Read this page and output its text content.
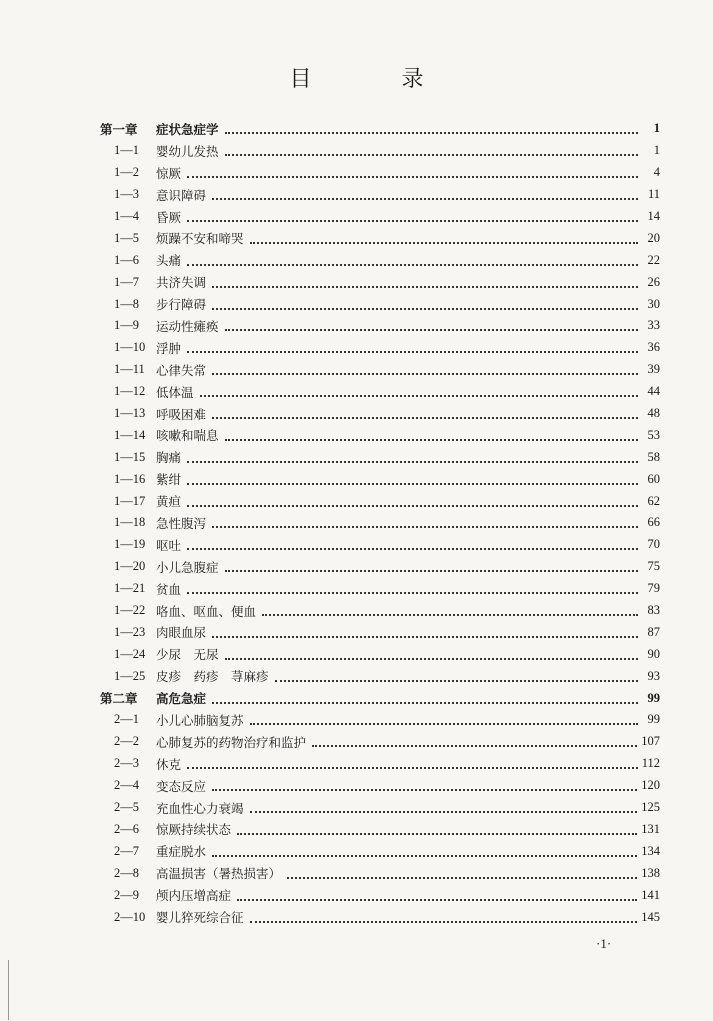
目　录
第一章	症状急症学	1
1—1	婴幼儿发热	1
1—2	惊厥	4
1—3	意识障碍	11
1—4	昏厥	14
1—5	烦躁不安和啼哭	20
1—6	头痛	22
1—7	共济失调	26
1—8	步行障碍	30
1—9	运动性瘫痪	33
1—10 浮肿	36
1—11 心律失常	39
1—12 低体温	44
1—13 呼吸困难	48
1—14 咳嗽和喘息	53
1—15 胸痛	58
1—16 紫绀	60
1—17 黄疸	62
1—18 急性腹泻	66
1—19 呕吐	70
1—20 小儿急腹症	75
1—21 贫血	79
1—22 咯血、呕血、便血	83
1—23 肉眼血尿	87
1—24 少尿　无尿	90
1—25 皮疹　药疹　荨麻疹	93
第二章	高危急症	99
2—1	小儿心肺脑复苏	99
2—2	心肺复苏的药物治疗和监护	107
2—3	休克	112
2—4	变态反应	120
2—5	充血性心力衰竭	125
2—6	惊厥持续状态	131
2—7	重症脱水	134
2—8	高温损害（暑热损害）	138
2—9	颅内压增高症	141
2—10 婴儿猝死综合征	145
·1·
